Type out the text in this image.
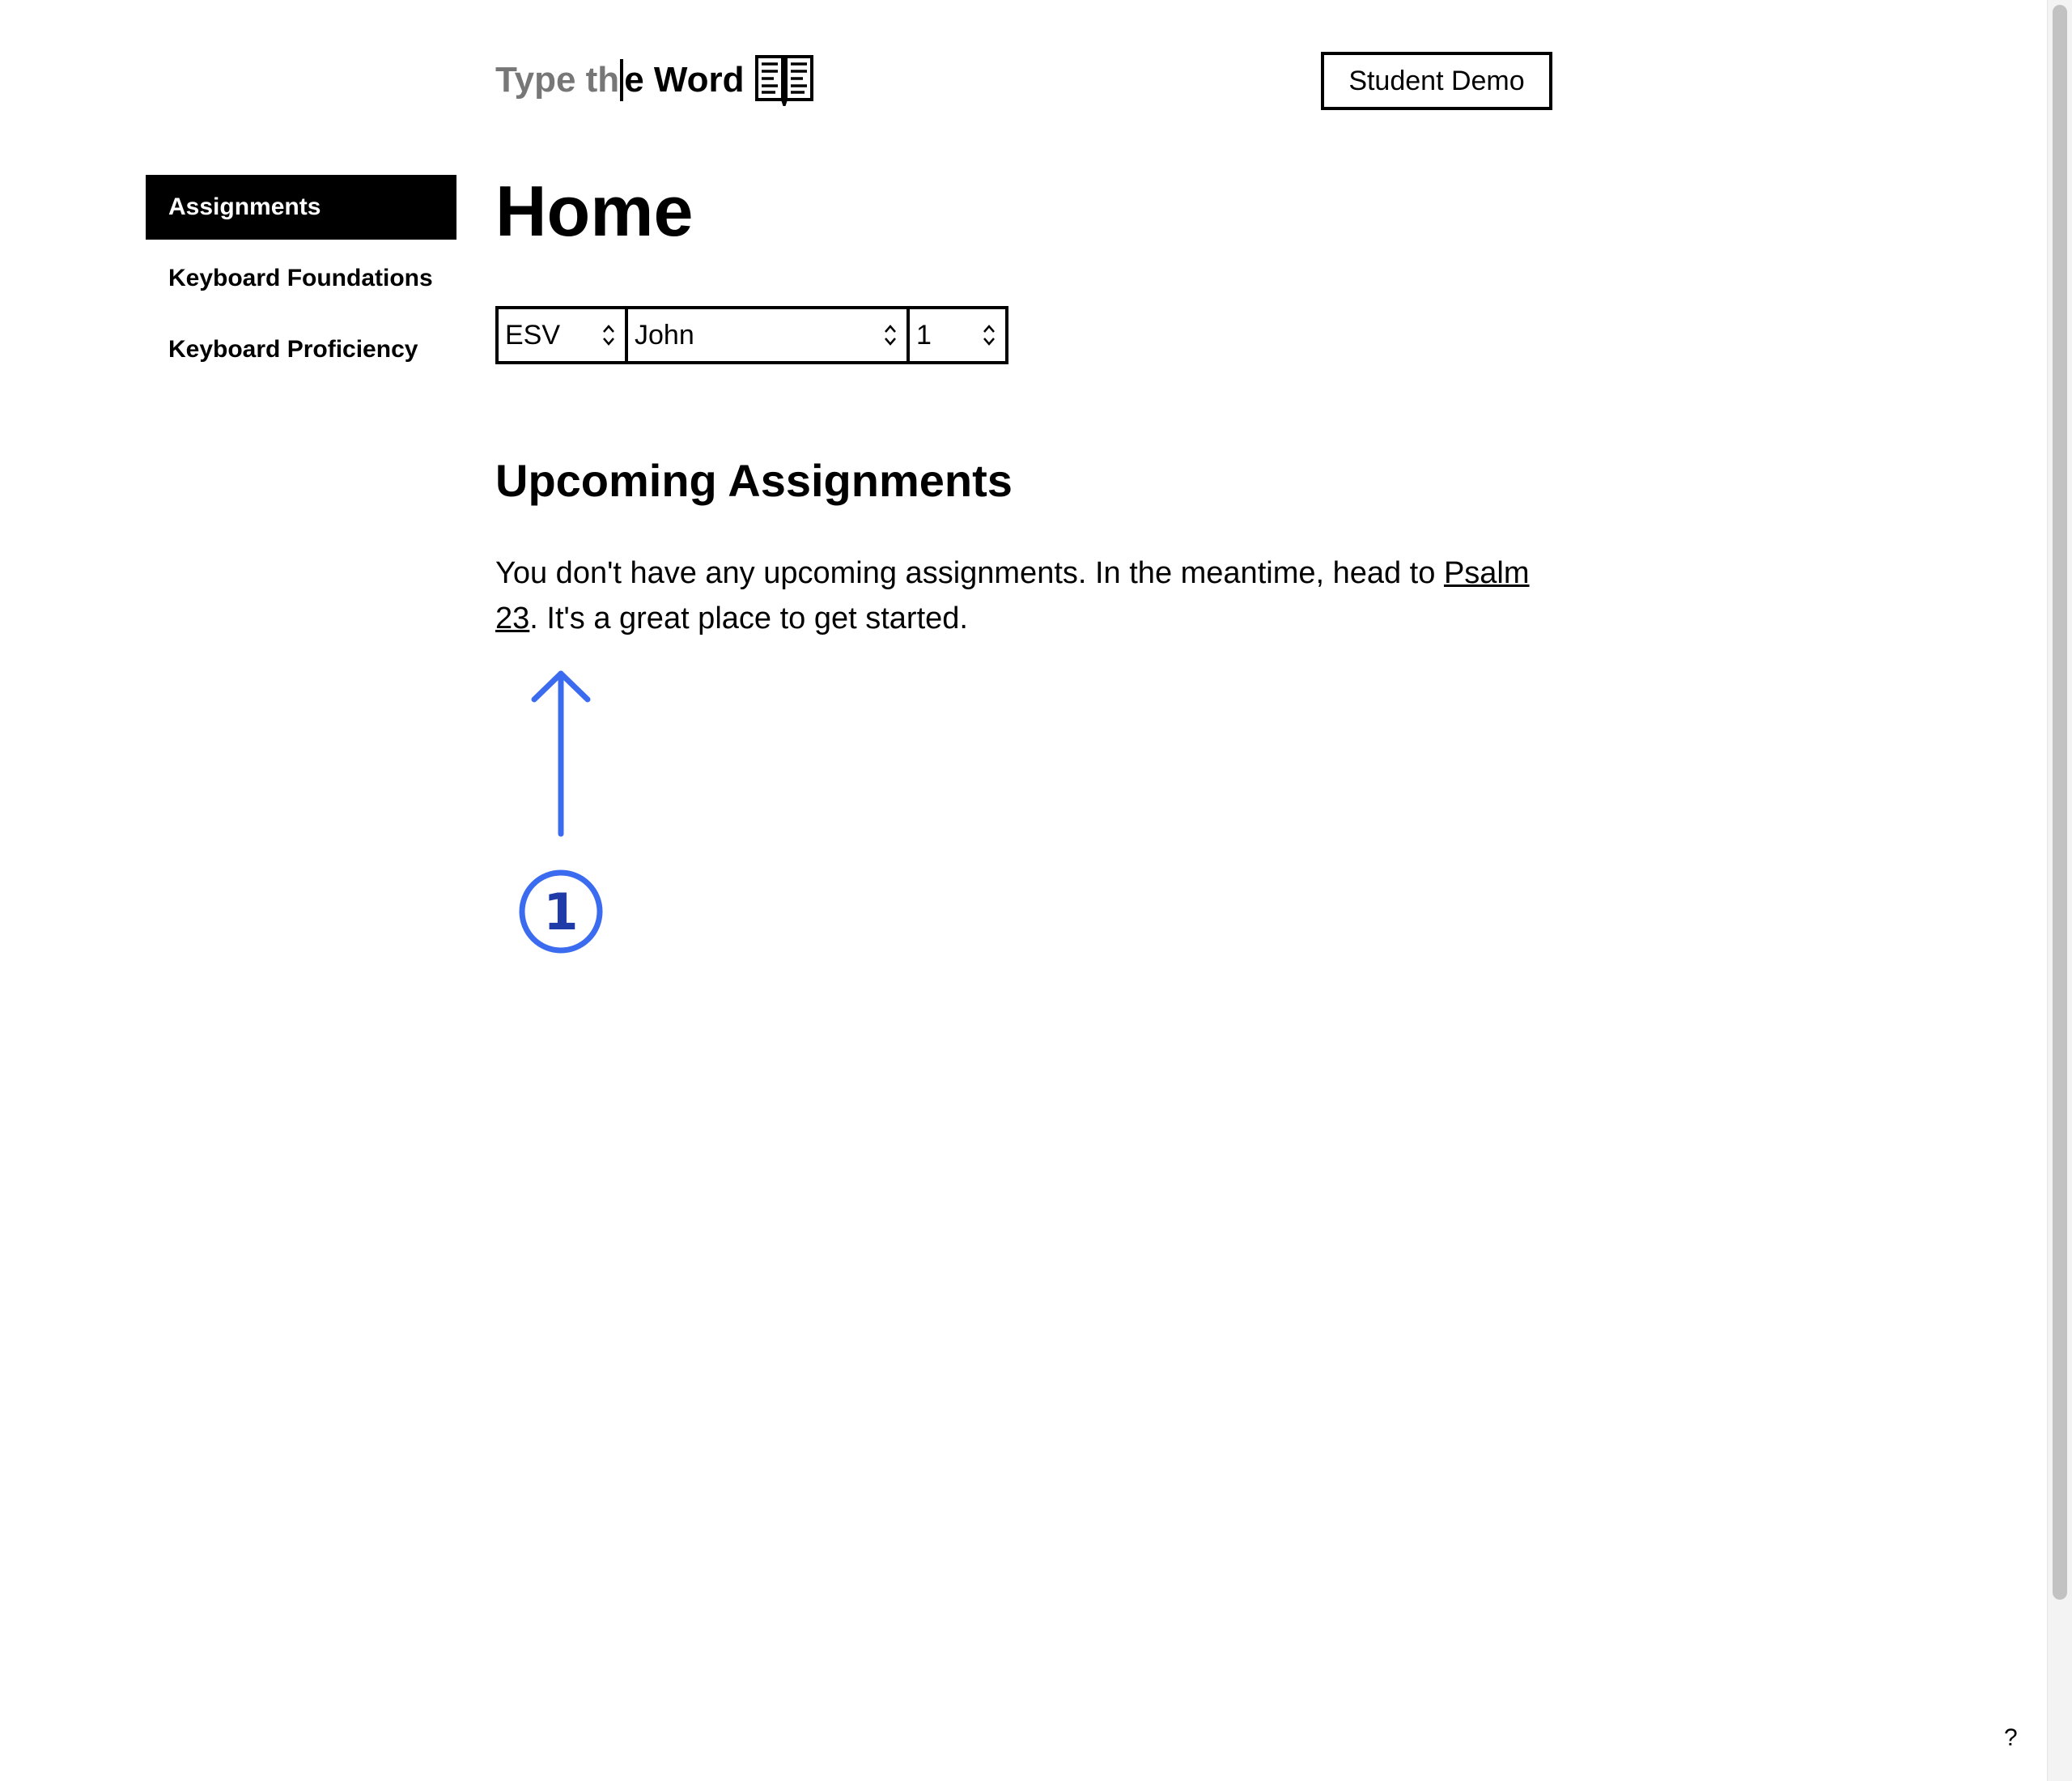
Type th e Word	Student Demo
Assignments
Keyboard Foundations
Keyboard Proficiency
Home
ESV	John	1
Upcoming Assignments

You don't have any upcoming assignments. In the meantime, head to Psalm 23. It's a great place to get started.

1
?
